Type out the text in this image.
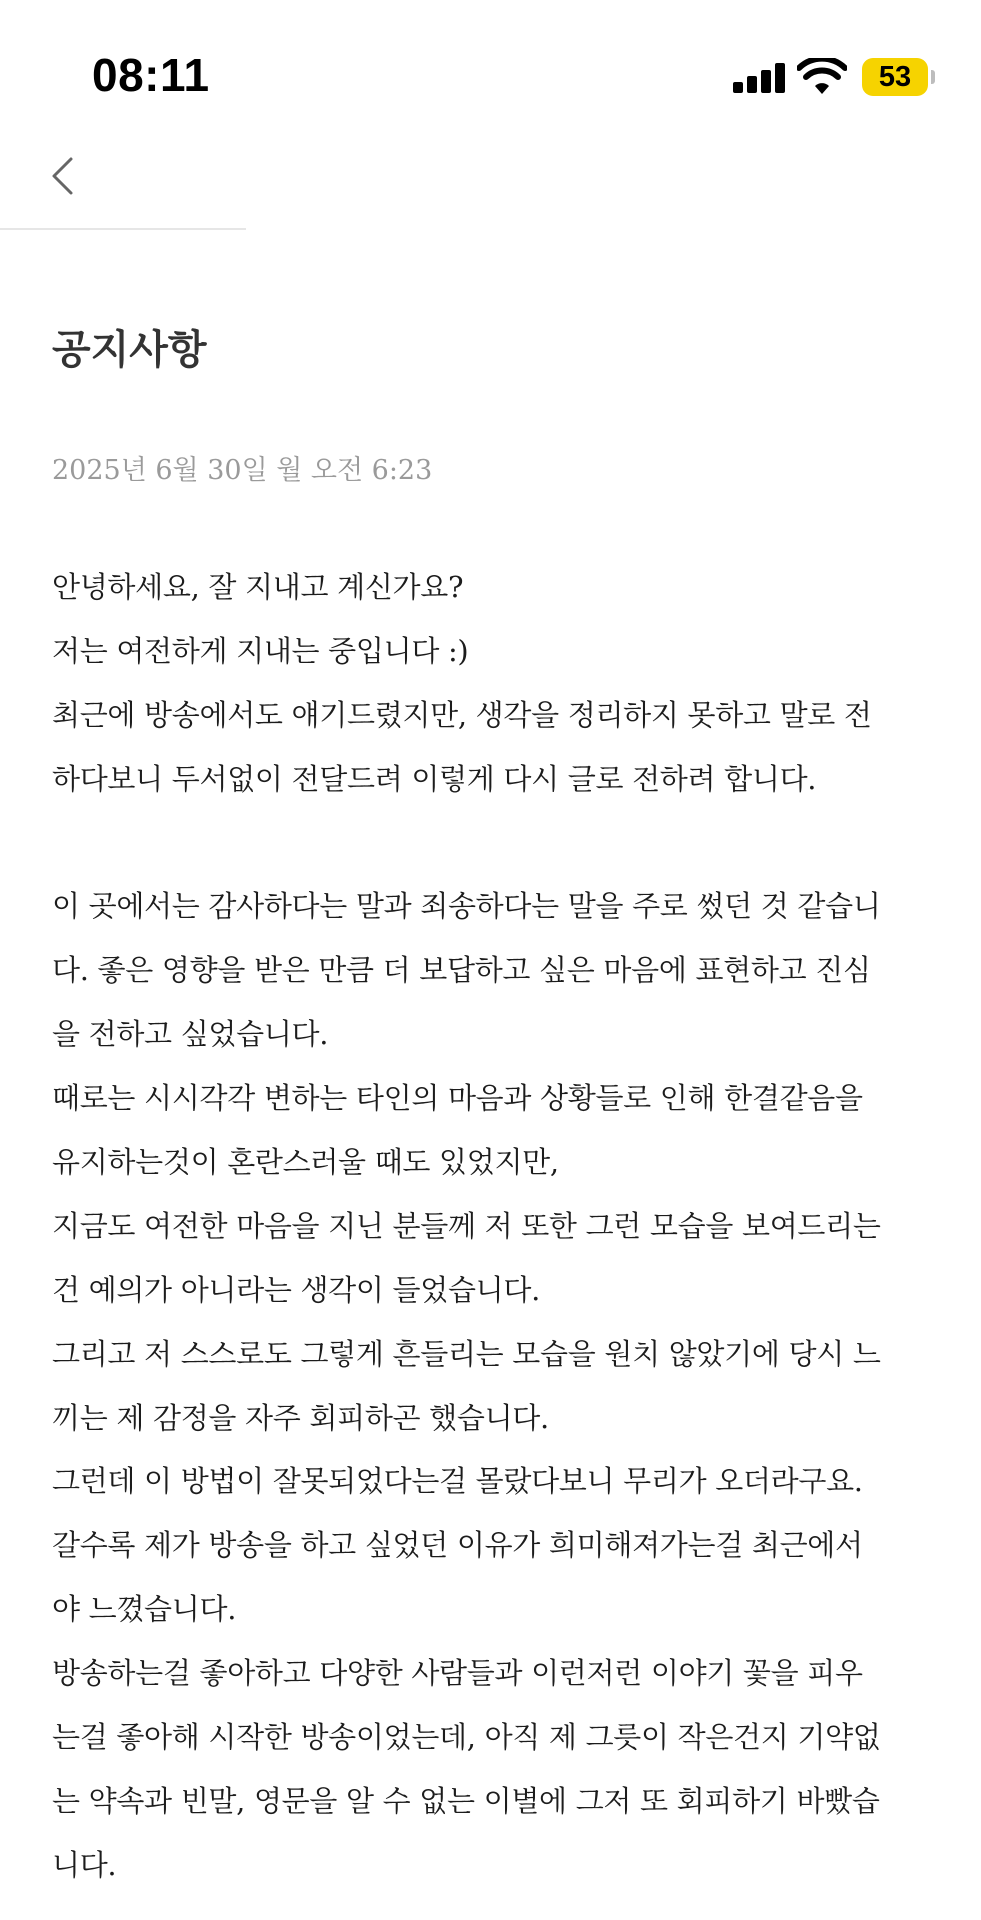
08:11	53
공지사항
2025년 6월 30일 월 오전 6:23
안녕하세요, 잘 지내고 계신가요?
저는 여전하게 지내는 중입니다 :)
최근에 방송에서도 얘기드렸지만, 생각을 정리하지 못하고 말로 전
하다보니 두서없이 전달드려 이렇게 다시 글로 전하려 합니다.
이 곳에서는 감사하다는 말과 죄송하다는 말을 주로 썼던 것 같습니
다. 좋은 영향을 받은 만큼 더 보답하고 싶은 마음에 표현하고 진심
을 전하고 싶었습니다.
때로는 시시각각 변하는 타인의 마음과 상황들로 인해 한결같음을
유지하는것이 혼란스러울 때도 있었지만,
지금도 여전한 마음을 지닌 분들께 저 또한 그런 모습을 보여드리는
건 예의가 아니라는 생각이 들었습니다.
그리고 저 스스로도 그렇게 흔들리는 모습을 원치 않았기에 당시 느
끼는 제 감정을 자주 회피하곤 했습니다.
그런데 이 방법이 잘못되었다는걸 몰랐다보니 무리가 오더라구요.
갈수록 제가 방송을 하고 싶었던 이유가 희미해져가는걸 최근에서
야 느꼈습니다.
방송하는걸 좋아하고 다양한 사람들과 이런저런 이야기 꽃을 피우
는걸 좋아해 시작한 방송이었는데, 아직 제 그릇이 작은건지 기약없
는 약속과 빈말, 영문을 알 수 없는 이별에 그저 또 회피하기 바빴습
니다.
